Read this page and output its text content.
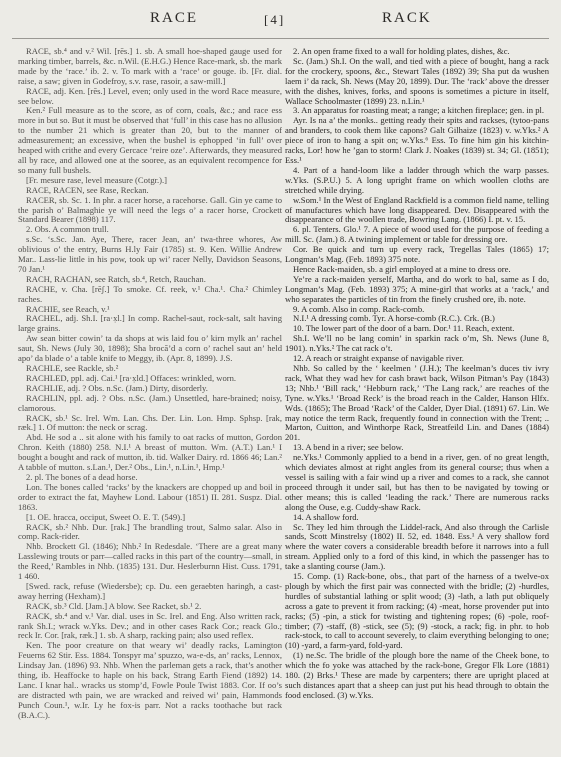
RACE	[4]	RACK

RACE, sb.⁴ and v.² Wil. [rēs.] 1. sb. A small hoe-shaped gauge used for marking timber, barrels, &c. n.Wil. (E.H.G.) Hence Race-mark, sb. the mark made by the ‘race.’ ib. 2. v. To mark with a ‘race’ or gouge. ib. [Fr. dial. raise, a saw; given in Godefroy, s.v. rase, rasoir, a saw-mill.]

RACE, adj. Ken. [rēs.] Level, even; only used in the word Race measure, see below.

Ken.² Full measure as to the score, as of corn, coals, &c.; and race ess more in but so. But it must be observed that ‘full’ in this case has no allusion to the number 21 which is greater than 20, but to the manner of admeasurement; an excessive, when the bushel is ephopped ‘in full’ over heaped with crithe and every Gercace ‘reire oze’. Afterwards, they measured all by race, and allowed one at the sooree, as an equivalent recompence for so many full bushels.

[Fr. mesure rase, level measure (Cotgr.).]

RACE, RACEN, see Rase, Reckan.

RACER, sb. Sc. 1. In phr. a racer horse, a racehorse. Gall. Gin ye came to the parish o’ Balmaghie ye will need the legs o’ a racer horse, Crockett Standard Bearer (1898) 117.

2. Obs. A common trull.

s.Sc. ‘s.Sc. Jan. Aye, There, racer Jean, an’ twa-three whores, Aw oblivious o’ the entry, Burns H.ly Fair (1785) st. 9. Ken. Willie Andrew Mar.. Lass-lie little in his pow, took up wi’ racer Nelly, Davidson Seasons, 70 Jan.¹

RACH, RACHAN, see Ratch, sb.⁴, Retch, Rauchan.

RACHE, v. Cha. [rēʃ.] To smoke. Cf. reek, v.¹ Cha.¹. Cha.² Chimley raches.

RACHIE, see Reach, v.¹

RACHEL, adj. Sh.I. [ra·x̣l.] In comp. Rachel-saut, rock-salt, salt having large grains.

Aw sean bitter cowin’ ta da shops at wis laid fou o’ kirn mylk an’ rachel saut, Sh. News (July 30, 1898); Sha brocā’d a corn o’ rachel saut an’ held apo’ da blade o’ a table knife to Meggy, ib. (Apr. 8, 1899). J.S.

RACHLE, see Rackle, sb.²

RACHLED, ppl. adj. Cai.¹ [ra·x̣ld.] Offaces: wrinkled, worn.

RACHLIE, adj. ? Obs. n.Sc. (Jam.) Dirty, disorderly.

RACHLIN, ppl. adj. ? Obs. n.Sc. (Jam.) Unsettled, hare-brained; noisy, clamorous.

RACK, sb.¹ Sc. Irel. Wm. Lan. Chs. Der. Lin. Lon. Hmp. Sphsp. [rak, ræk.] 1. Of mutton: the neck or scrag.

Abd. He sod a .. sit alone with his family to oat racks of mutton, Gordon Chron. Keith (1880) 258. N.I.¹ A breast of mutton. Wm. (A.T.) Lan.¹ I bought a bought and rack of mutton, ib. tid. Walker Dairy. rd. 1866 46; Lan.² A tabble of mutton. s.Lan.¹, Der.² Obs., Lin.¹, n.Lin.¹, Hmp.¹

2. pl. The bones of a dead horse.

Lon. The bones called ‘racks’ by the knackers are chopped up and boil in order to extract the fat, Mayhew Lond. Labour (1851) II. 281. Suspz. Dial. 1863.

[1. OE. hracca, occiput, Sweet O. E. T. (549).]

RACK, sb.² Nhb. Dur. [rak.] The brandling trout, Salmo salar. Also in comp. Rack-rider.

Nhb. Brockett Gl. (1846); Nhb.² In Redesdale. ‘There are a great many Lasslewing trouts or parr—called racks in this part of the country—small, in the Reed,’ Rambles in Nhb. (1835) 131. Dur. Heslerburnn Hist. Cuss. 1791, 1 460.

[Swed. rack, refuse (Wiedersbe); cp. Du. een geraebten haringh, a cast-away herring (Hexham).]

RACK, sb.³ Cld. [Jam.] A blow. See Racket, sb.¹ 2.

RACK, sb.⁴ and v.¹ Var. dial. uses in Sc. Irel. and Eng. Also written rack, rank Sh.I.; wrack w.Yks. Dev.; and in other cases Rack Cor.; reack Glo.; reck Ir. Cor. [rak, ræk.] 1. sb. A sharp, racking pain; also used reflex.

Ken. The poor creature on that weary wi’ deadly racks, Lamington Feuerns 62 Stir. Ess. 1884. Tonspyr ma’ spuzzo, wa-e-ds, an’ racks, Lennox, Lindsay Jan. (1896) 93. Nhb. When the parleman gets a rack, that’s another thing, ib. Heaffocke to haple on his back, Strang Earth Fiend (1892) 14. Lanc. I knar hal.. wracks us stomp’d, Fowle Poule Twist 1883. Cor. If oo’s are distracted wth pain, we are wracked and reived wi’ pain, Hammonds Punch Coun.¹, w.Ir. Ly he fox-is parr. Not a racks toothache but rack (B.A.C.).

2. An open frame fixed to a wall for holding plates, dishes, &c.

Sc. (Jam.) Sh.I. On the wall, and tied with a piece of bought, hang a rack for the crockery, spoons, &c., Stewart Tales (1892) 39; Sha put da wushen laem i’ da rack, Sh. News (May 20, 1899). Dur. The ‘rack’ above the dresser with the dishes, knives, forks, and spoons is sometimes a picture in itself, Wallace Schoolmaster (1899) 23. n.Lin.¹

3. An apparatus for roasting meat; a range; a kitchen fireplace; gen. in pl.

Ayr. Is na a’ the monks.. getting ready their spits and rackses, (tytoo-pans and branders, to cook them like capons? Galt Gilhaize (1823) v. w.Yks.² A piece of iron to hang a spit on; w.Yks.⁶ Ess. To fine him gin his kitchin-racks, Lor! how he ’gan to storm! Clark J. Noakes (1839) st. 34; Gl. (1851); Ess.¹

4. Part of a hand-loom like a ladder through which the warp passes. w.Yks. (S.P.U.) 5. A long upright frame on which woollen cloths are stretched while drying.

w.Som.¹ In the West of England Rackfield is a common field name, telling of manufactures which have long disappeared. Dev. Disappeared with the disappearance of the woollen trade, Bowring Lang. (1866) I. pt. v. 15.

6. pl. Tenters. Glo.¹ 7. A piece of wood used for the purpose of feeding a mill. Sc. (Jam.) 8. A twining implement or table for dressing ore.

Cor. Be quick and turn up every rack, Tregellas Tales (1865) 17; Longman’s Mag. (Feb. 1893) 375 note.

Hence Rack-maiden, sb. a girl employed at a mine to dress ore.

Ye’re a rack-maiden yerself, Martha, and do work to bal, same as I do, Longman’s Mag. (Feb. 1893) 375; A mine-girl that works at a ‘rack,’ and who separates the particles of tin from the finely crushed ore, ib. note.

9. A comb. Also in comp. Rack-comb.

N.I.¹ A dressing comb. Tyr. A horse-comb (R.C.). Crk. (B.)

10. The lower part of the door of a barn. Dor.¹ 11. Reach, extent.

Sh.I. We’ll no be lang comin’ in sparkin rack o’m, Sh. News (June 8, 1901). n.Yks.² The cat rack o’t.

12. A reach or straight expanse of navigable river.

Nhb. So called by the ‘ keelmen ’ (J.H.); The keelman’s duces tiv ivry rack, What they wad hev for cash brawt back, Wilson Pitman’s Pay (1843) 13; Nhb.¹ ‘Bill rack,’ ‘Hebburn rack,’ ‘The Lang rack,’ are reaches of the Tyne. w.Yks.¹ ‘Broad Reck’ is the broad reach in the Calder, Hanson Hlfx. Wds. (1865); The Broad ‘Rack’ of the Calder, Dyer Dial. (1891) 67. Lin. We may notice the term Rack, frequently found in connection with the Trent; .. Marton, Cuitton, and Winthorpe Rack, Streatfeild Lin. and Danes (1884) 201.

13. A bend in a river; see below.

ne.Yks.¹ Commonly applied to a bend in a river, gen. of no great length, which deviates almost at right angles from its general course; thus when a vessel is sailing with a fair wind up a river and comes to a rack, she cannot proceed through it under sail, but has then to be navigated by towing or other means; this is called ‘leading the rack.’ There are numerous racks along the Ouse, e.g. Cuddy-shaw Rack.

14. A shallow ford.

Sc. They led him through the Liddel-rack, And also through the Carlisle sands, Scott Minstrelsy (1802) II. 52, ed. 1848. Ess.¹ A very shallow ford where the water covers a considerable breadth before it narrows into a full stream. Applied only to a ford of this kind, in which the passenger has to take a slanting course (Jam.).

15. Comp. (1) Rack-bone, obs., that part of the harness of a twelve-ox plough by which the first pair was connected with the bridle; (2) -hurdles, hurdles of substantial lathing or split wood; (3) -lath, a lath put obliquely across a gate to prevent it from racking; (4) -meat, horse provender put into racks; (5) -pin, a stick for twisting and tightening ropes; (6) -pole, roof-timber; (7) -staff, (8) -stick, see (5); (9) -stock, a rack; fig. in phr. to hob rack-stock, to call to account severely, to claim everything belonging to one; (10) -yard, a farm-yard, fold-yard.

(1) ne.Sc. The bridle of the plough bore the name of the Cheek bone, to which the fo yoke was attached by the rack-bone, Gregor Flk Lore (1881) 180. (2) Brks.¹ These are made by carpenters; there are upright placed at such distances apart that a sheep can just put his head through to obtain the food enclosed. (3) w.Yks.
